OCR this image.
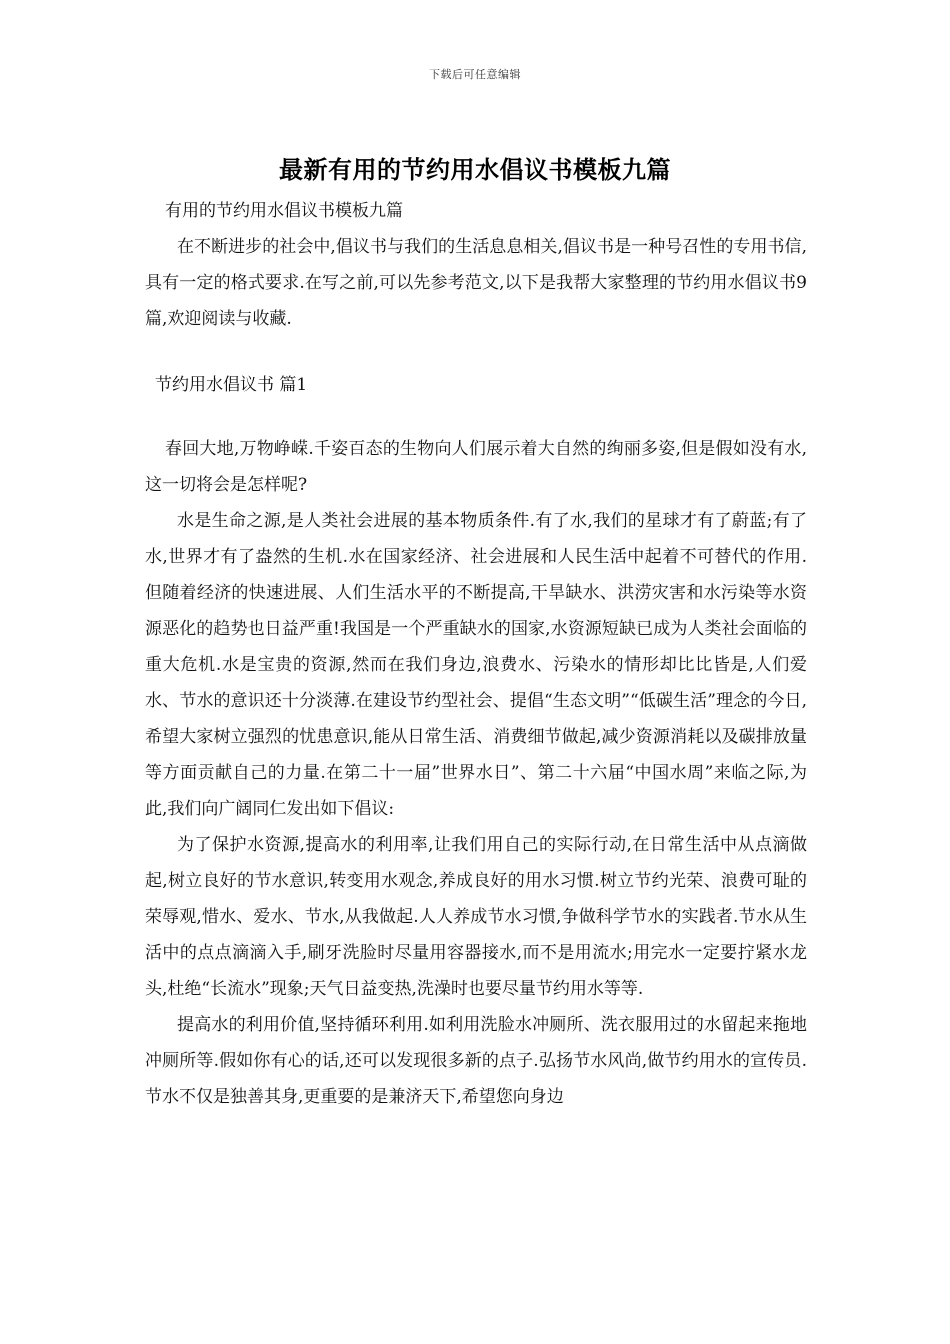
下载后可任意编辑
最新有用的节约用水倡议书模板九篇

有用的节约用水倡议书模板九篇

在不断进步的社会中,倡议书与我们的生活息息相关,倡议书是一种号召性的专用书信,具有一定的格式要求.在写之前,可以先参考范文,以下是我帮大家整理的节约用水倡议书9篇,欢迎阅读与收藏.

节约用水倡议书 篇1

春回大地,万物峥嵘.千姿百态的生物向人们展示着大自然的绚丽多姿,但是假如没有水,这一切将会是怎样呢?

水是生命之源,是人类社会进展的基本物质条件.有了水,我们的星球才有了蔚蓝;有了水,世界才有了盎然的生机.水在国家经济、社会进展和人民生活中起着不可替代的作用.但随着经济的快速进展、人们生活水平的不断提高,干旱缺水、洪涝灾害和水污染等水资源恶化的趋势也日益严重!我国是一个严重缺水的国家,水资源短缺已成为人类社会面临的重大危机.水是宝贵的资源,然而在我们身边,浪费水、污染水的情形却比比皆是,人们爱水、节水的意识还十分淡薄.在建设节约型社会、提倡“生态文明”“低碳生活”理念的今日,希望大家树立强烈的忧患意识,能从日常生活、消费细节做起,减少资源消耗以及碳排放量等方面贡献自己的力量.在第二十一届”世界水日”、第二十六届“中国水周”来临之际,为此,我们向广阔同仁发出如下倡议:

为了保护水资源,提高水的利用率,让我们用自己的实际行动,在日常生活中从点滴做起,树立良好的节水意识,转变用水观念,养成良好的用水习惯.树立节约光荣、浪费可耻的荣辱观,惜水、爱水、节水,从我做起.人人养成节水习惯,争做科学节水的实践者.节水从生活中的点点滴滴入手,刷牙洗脸时尽量用容器接水,而不是用流水;用完水一定要拧紧水龙头,杜绝“长流水”现象;天气日益变热,洗澡时也要尽量节约用水等等.

提高水的利用价值,坚持循环利用.如利用洗脸水冲厕所、洗衣服用过的水留起来拖地冲厕所等.假如你有心的话,还可以发现很多新的点子.弘扬节水风尚,做节约用水的宣传员.节水不仅是独善其身,更重要的是兼济天下,希望您向身边
